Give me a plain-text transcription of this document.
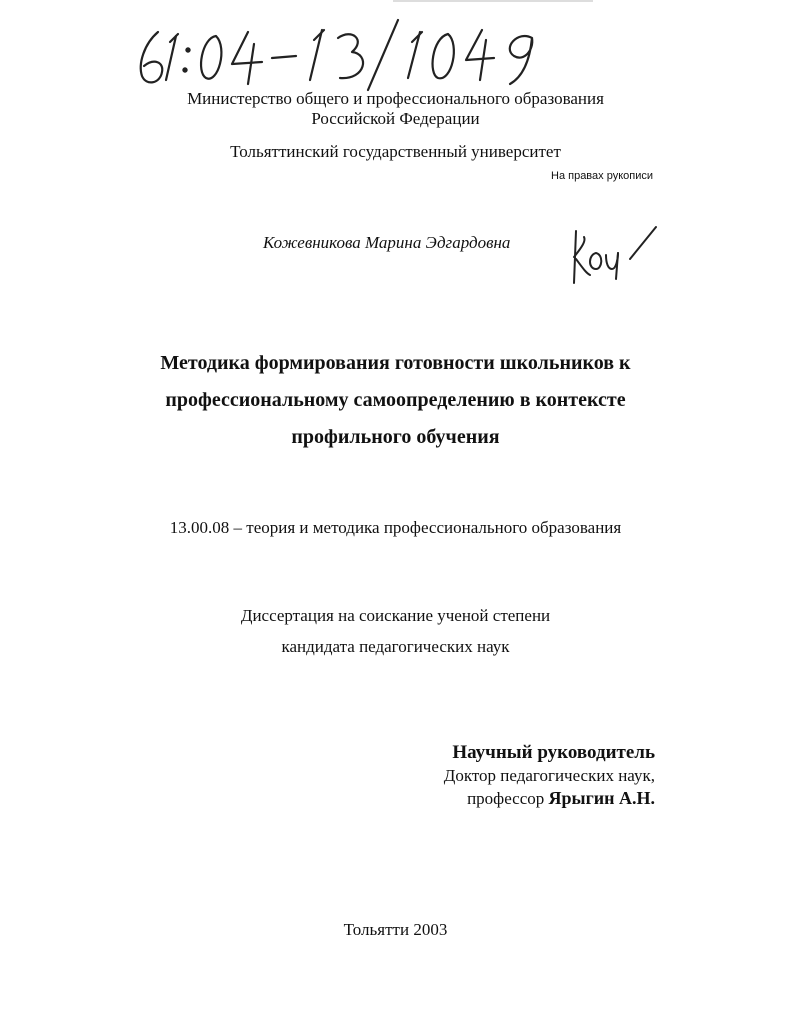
Министерство общего и профессионального образования
Российской Федерации
Тольяттинский государственный университет
На правах рукописи
Кожевникова Марина Эдгардовна
Методика формирования готовности школьников к
профессиональному самоопределению в контексте
профильного обучения
13.00.08 – теория и методика профессионального образования
Диссертация на соискание ученой степени
кандидата педагогических наук
Научный руководитель
Доктор педагогических наук,
профессор Ярыгин А.Н.
Тольятти 2003
